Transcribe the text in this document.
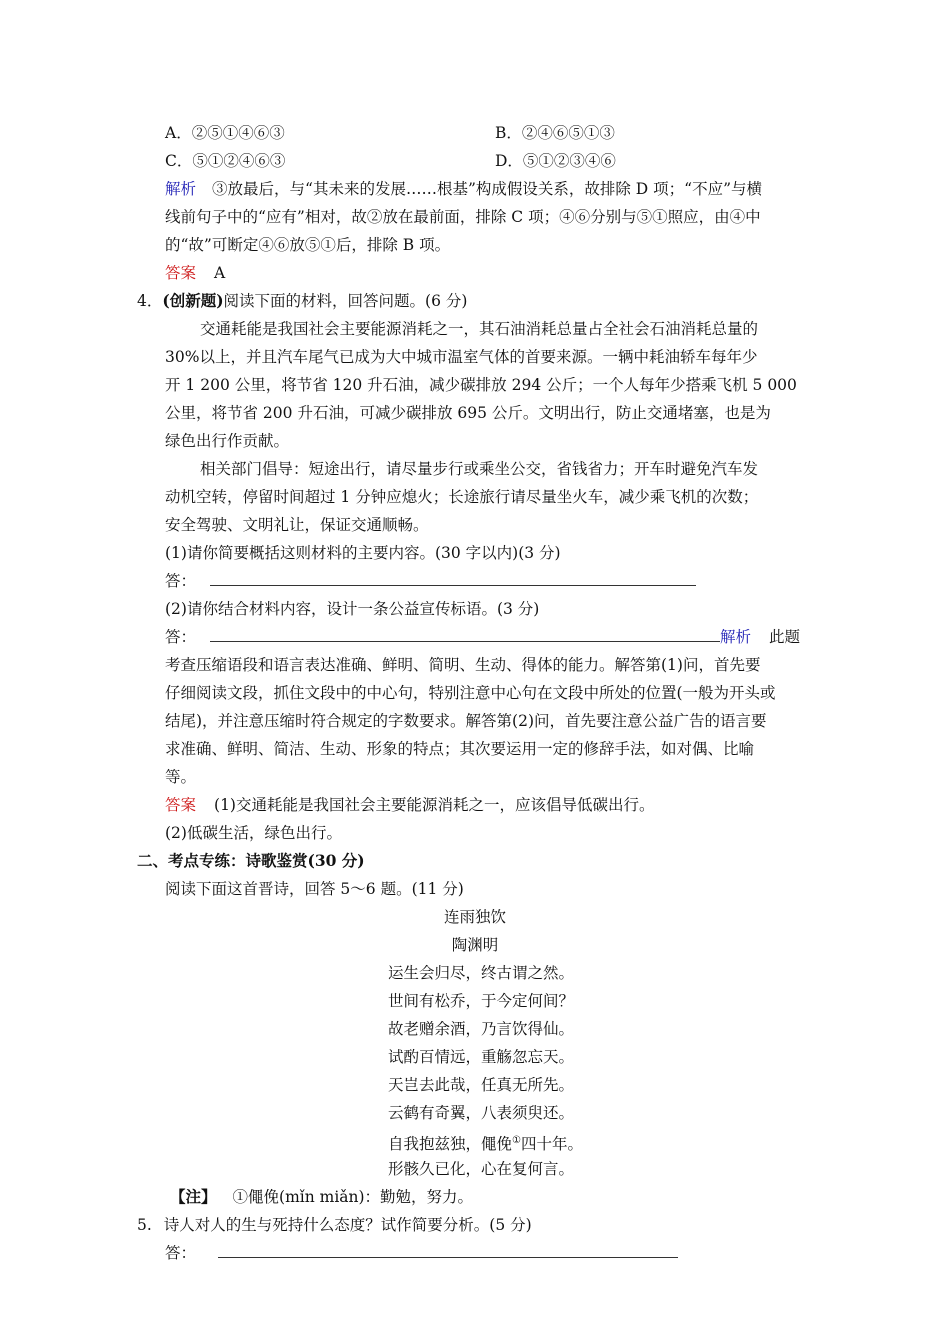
A．②⑤①④⑥③	B．②④⑥⑤①③
C．⑤①②④⑥③	D．⑤①②③④⑥
解析 ③放最后，与“其未来的发展……根基”构成假设关系，故排除 D 项；“不应”与横
线前句子中的“应有”相对，故②放在最前面，排除 C 项；④⑥分别与⑤①照应，由④中
的“故”可断定④⑥放⑤①后，排除 B 项。
答案 A
4．(创新题)阅读下面的材料，回答问题。(6 分)
交通耗能是我国社会主要能源消耗之一，其石油消耗总量占全社会石油消耗总量的
30%以上，并且汽车尾气已成为大中城市温室气体的首要来源。一辆中耗油轿车每年少
开 1 200 公里，将节省 120 升石油，减少碳排放 294 公斤；一个人每年少搭乘飞机 5 000
公里，将节省 200 升石油，可减少碳排放 695 公斤。文明出行，防止交通堵塞，也是为
绿色出行作贡献。
相关部门倡导：短途出行，请尽量步行或乘坐公交，省钱省力；开车时避免汽车发
动机空转，停留时间超过 1 分钟应熄火；长途旅行请尽量坐火车，减少乘飞机的次数；
安全驾驶、文明礼让，保证交通顺畅。
(1)请你简要概括这则材料的主要内容。(30 字以内)(3 分)
答：
(2)请你结合材料内容，设计一条公益宣传标语。(3 分)
答：	解析 此题
考查压缩语段和语言表达准确、鲜明、简明、生动、得体的能力。解答第(1)问，首先要
仔细阅读文段，抓住文段中的中心句，特别注意中心句在文段中所处的位置(一般为开头或
结尾)，并注意压缩时符合规定的字数要求。解答第(2)问，首先要注意公益广告的语言要
求准确、鲜明、简洁、生动、形象的特点；其次要运用一定的修辞手法，如对偶、比喻
等。
答案 (1)交通耗能是我国社会主要能源消耗之一，应该倡导低碳出行。
(2)低碳生活，绿色出行。
二、考点专练：诗歌鉴赏(30 分)
阅读下面这首晋诗，回答 5～6 题。(11 分)
连雨独饮
陶渊明
运生会归尽，终古谓之然。
世间有松乔，于今定何间？
故老赠余酒，乃言饮得仙。
试酌百情远，重觞忽忘天。
天岂去此哉，任真无所先。
云鹤有奇翼，八表须臾还。
自我抱兹独，僶俛①四十年。
形骸久已化，心在复何言。
【注】 ①僶俛(mǐn miǎn)：勤勉，努力。
5. 诗人对人的生与死持什么态度？试作简要分析。(5 分)
答：
